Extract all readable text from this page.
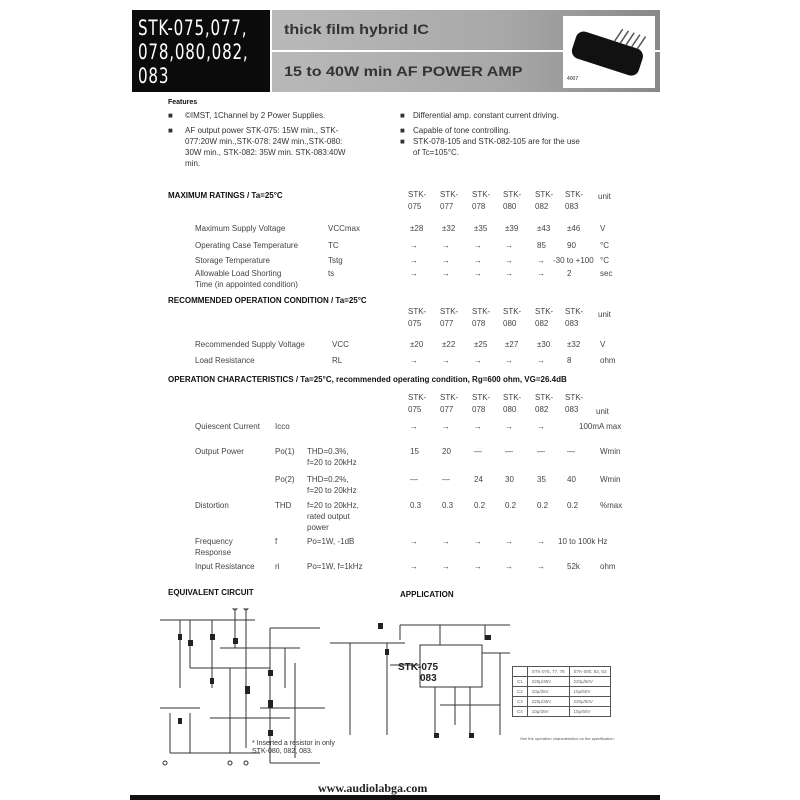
STK-075,077,
078,080,082,
083
thick film hybrid IC
15 to 40W min AF POWER AMP	4007
Features
■ ©IMST, 1Channel by 2 Power Supplies.
■ AF output power STK-075: 15W min., STK-
077:20W min.,STK-078: 24W min.,STK-080:
30W min., STK-082: 35W min. STK-083:40W
min.
■ Differential amp. constant current driving.
■ Capable of tone controlling.
■ STK-078-105 and STK-082-105 are for the use
of Tc=105°C.
MAXIMUM RATINGS / Ta=25°C	STK-
075
STK-
077
STK-
078
STK-
080
STK-
082
STK-
083
unit
Maximum Supply Voltage	VCCmax	±28 ±32 ±35 ±39 ±43 ±46 V
Operating Case Temperature	TC	→	→	→	→	85	90	°C
Storage Temperature	Tstg	→	→	→	→	→ -30 to +100 °C
Allowable Load Shorting
Time (in appointed condition)
ts	→	→	→	→	→	2	sec
RECOMMENDED OPERATION CONDITION / Ta=25°C
STK-
075
STK-
077
STK-
078
STK-
080
STK-
082
STK-
083
unit
Recommended Supply Voltage	VCC	±20 ±22 ±25 ±27 ±30 ±32 V
Load Resistance	RL	→	→	→	→	→	8	ohm
OPERATION CHARACTERISTICS / Ta=25°C, recommended operating condition, Rg=600 ohm, VG=26.4dB
STK-
075
STK-
077
STK-
078
STK-
080
STK-
082
STK-
083 unit
Quiescent Current Icco	→	→	→	→	→	100mA max
Output Power	Po(1) THD=0.3%,
f=20 to 20kHz
15	20	—	—	—	—	Wmin
Po(2) THD=0.2%,
f=20 to 20kHz
—	—	24	30	35	40	Wmin
Distortion	THD f=20 to 20kHz,
rated output
power
0.3	0.3	0.2 0.2	0.2 0.2	%max
Frequency
Response
f	Po=1W, -1dB	→	→	→	→	→ 10 to 100k Hz
Input Resistance	ri	Po=1W, f=1kHz	→	→	→	→	→	52k	ohm
EQUIVALENT CIRCUIT	APPLICATION
* Inserted a resistor in only
STK-080, 082, 083.
STK-075
083
	STK-075, 77, 78	STK-080, 82, 83
C1	220μ/35V	220μ/50V
C2	10μ/35V	10μ/50V
C3	220μ/35V	220μ/50V
C4	10μ/35V	10μ/50V
See the operation characteristics on the specification.
www.audiolabga.com
